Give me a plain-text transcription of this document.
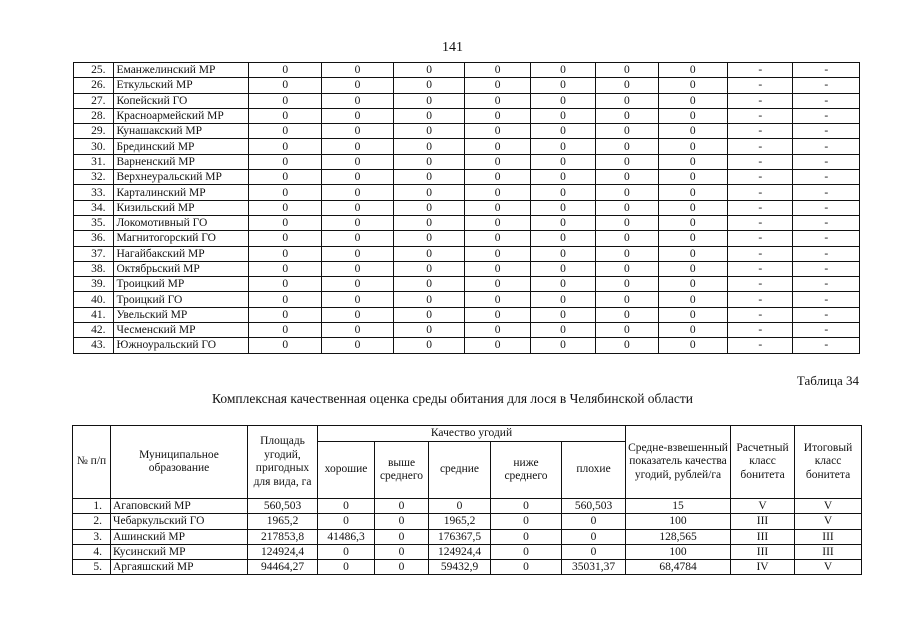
141
25.	Еманжелинский МР	0	0	0	0	0	0	0	-	-
26.	Еткульский МР	0	0	0	0	0	0	0	-	-
27.	Копейский ГО	0	0	0	0	0	0	0	-	-
28.	Красноармейский МР	0	0	0	0	0	0	0	-	-
29.	Кунашакский МР	0	0	0	0	0	0	0	-	-
30.	Брединский МР	0	0	0	0	0	0	0	-	-
31.	Варненский МР	0	0	0	0	0	0	0	-	-
32.	Верхнеуральский МР	0	0	0	0	0	0	0	-	-
33.	Карталинский МР	0	0	0	0	0	0	0	-	-
34.	Кизильский МР	0	0	0	0	0	0	0	-	-
35.	Локомотивный ГО	0	0	0	0	0	0	0	-	-
36.	Магнитогорский ГО	0	0	0	0	0	0	0	-	-
37.	Нагайбакский МР	0	0	0	0	0	0	0	-	-
38.	Октябрьский МР	0	0	0	0	0	0	0	-	-
39.	Троицкий МР	0	0	0	0	0	0	0	-	-
40.	Троицкий ГО	0	0	0	0	0	0	0	-	-
41.	Увельский МР	0	0	0	0	0	0	0	-	-
42.	Чесменский МР	0	0	0	0	0	0	0	-	-
43.	Южноуральский ГО	0	0	0	0	0	0	0	-	-
Таблица 34
Комплексная качественная оценка среды обитания для лося в Челябинской области
№ п/п	Муниципальное образование	Площадь угодий, пригодных для вида, га	Качество угодий					Средне-взвешенный показатель качества угодий, рублей/га	Расчетный класс бонитета	Итоговый класс бонитета
			хорошие	выше среднего	средние	ниже среднего	плохие			
1.	Агаповский МР	560,503	0	0	0	0	560,503	15	V	V
2.	Чебаркульский ГО	1965,2	0	0	1965,2	0	0	100	III	V
3.	Ашинский МР	217853,8	41486,3	0	176367,5	0	0	128,565	III	III
4.	Кусинский МР	124924,4	0	0	124924,4	0	0	100	III	III
5.	Аргаяшский МР	94464,27	0	0	59432,9	0	35031,37	68,4784	IV	V
